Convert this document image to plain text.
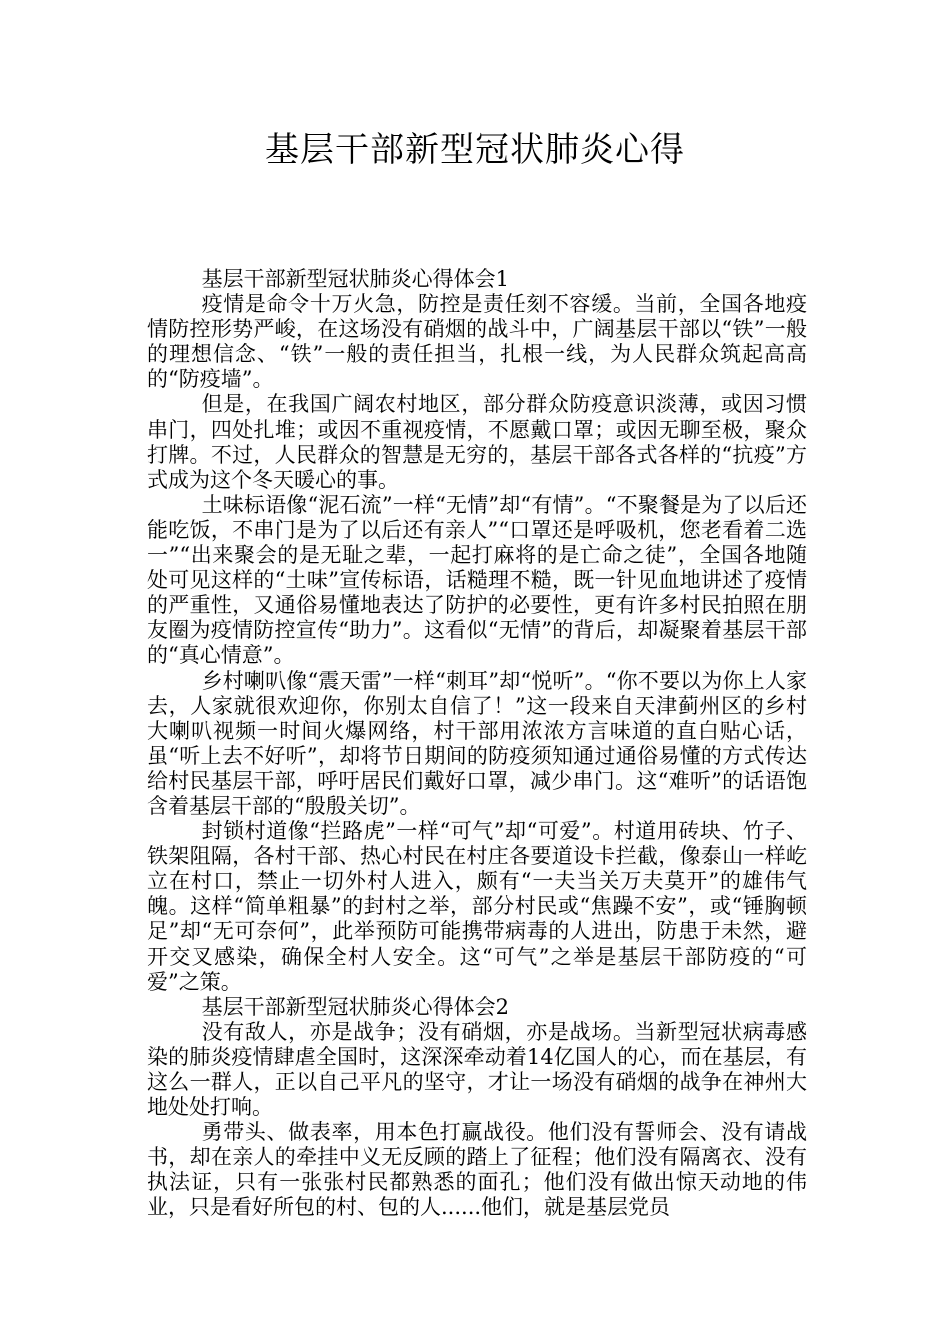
基层干部新型冠状肺炎心得

基层干部新型冠状肺炎心得体会1

疫情是命令十万火急，防控是责任刻不容缓。当前，全国各地疫情防控形势严峻，在这场没有硝烟的战斗中，广阔基层干部以“铁”一般的理想信念、“铁”一般的责任担当，扎根一线，为人民群众筑起高高的“防疫墙”。

但是，在我国广阔农村地区，部分群众防疫意识淡薄，或因习惯串门，四处扎堆；或因不重视疫情，不愿戴口罩；或因无聊至极，聚众打牌。不过，人民群众的智慧是无穷的，基层干部各式各样的“抗疫”方式成为这个冬天暖心的事。

土味标语像“泥石流”一样“无情”却“有情”。“不聚餐是为了以后还能吃饭，不串门是为了以后还有亲人”“口罩还是呼吸机，您老看着二选一”“出来聚会的是无耻之辈，一起打麻将的是亡命之徒”，全国各地随处可见这样的“土味”宣传标语，话糙理不糙，既一针见血地讲述了疫情的严重性，又通俗易懂地表达了防护的必要性，更有许多村民拍照在朋友圈为疫情防控宣传“助力”。这看似“无情”的背后，却凝聚着基层干部的“真心情意”。

乡村喇叭像“震天雷”一样“刺耳”却“悦听”。“你不要以为你上人家去，人家就很欢迎你，你别太自信了！”这一段来自天津蓟州区的乡村大喇叭视频一时间火爆网络，村干部用浓浓方言味道的直白贴心话，虽“听上去不好听”，却将节日期间的防疫须知通过通俗易懂的方式传达给村民基层干部，呼吁居民们戴好口罩，减少串门。这“难听”的话语饱含着基层干部的“殷殷关切”。

封锁村道像“拦路虎”一样“可气”却“可爱”。村道用砖块、竹子、铁架阻隔，各村干部、热心村民在村庄各要道设卡拦截，像泰山一样屹立在村口，禁止一切外村人进入，颇有“一夫当关万夫莫开”的雄伟气魄。这样“简单粗暴”的封村之举，部分村民或“焦躁不安”，或“锤胸顿足”却“无可奈何”，此举预防可能携带病毒的人进出，防患于未然，避开交叉感染，确保全村人安全。这“可气”之举是基层干部防疫的“可爱”之策。

基层干部新型冠状肺炎心得体会2

没有敌人，亦是战争；没有硝烟，亦是战场。当新型冠状病毒感染的肺炎疫情肆虐全国时，这深深牵动着14亿国人的心，而在基层，有这么一群人，正以自己平凡的坚守，才让一场没有硝烟的战争在神州大地处处打响。

勇带头、做表率，用本色打赢战役。他们没有誓师会、没有请战书，却在亲人的牵挂中义无反顾的踏上了征程；他们没有隔离衣、没有执法证，只有一张张村民都熟悉的面孔；他们没有做出惊天动地的伟业，只是看好所包的村、包的人......他们，就是基层党员
